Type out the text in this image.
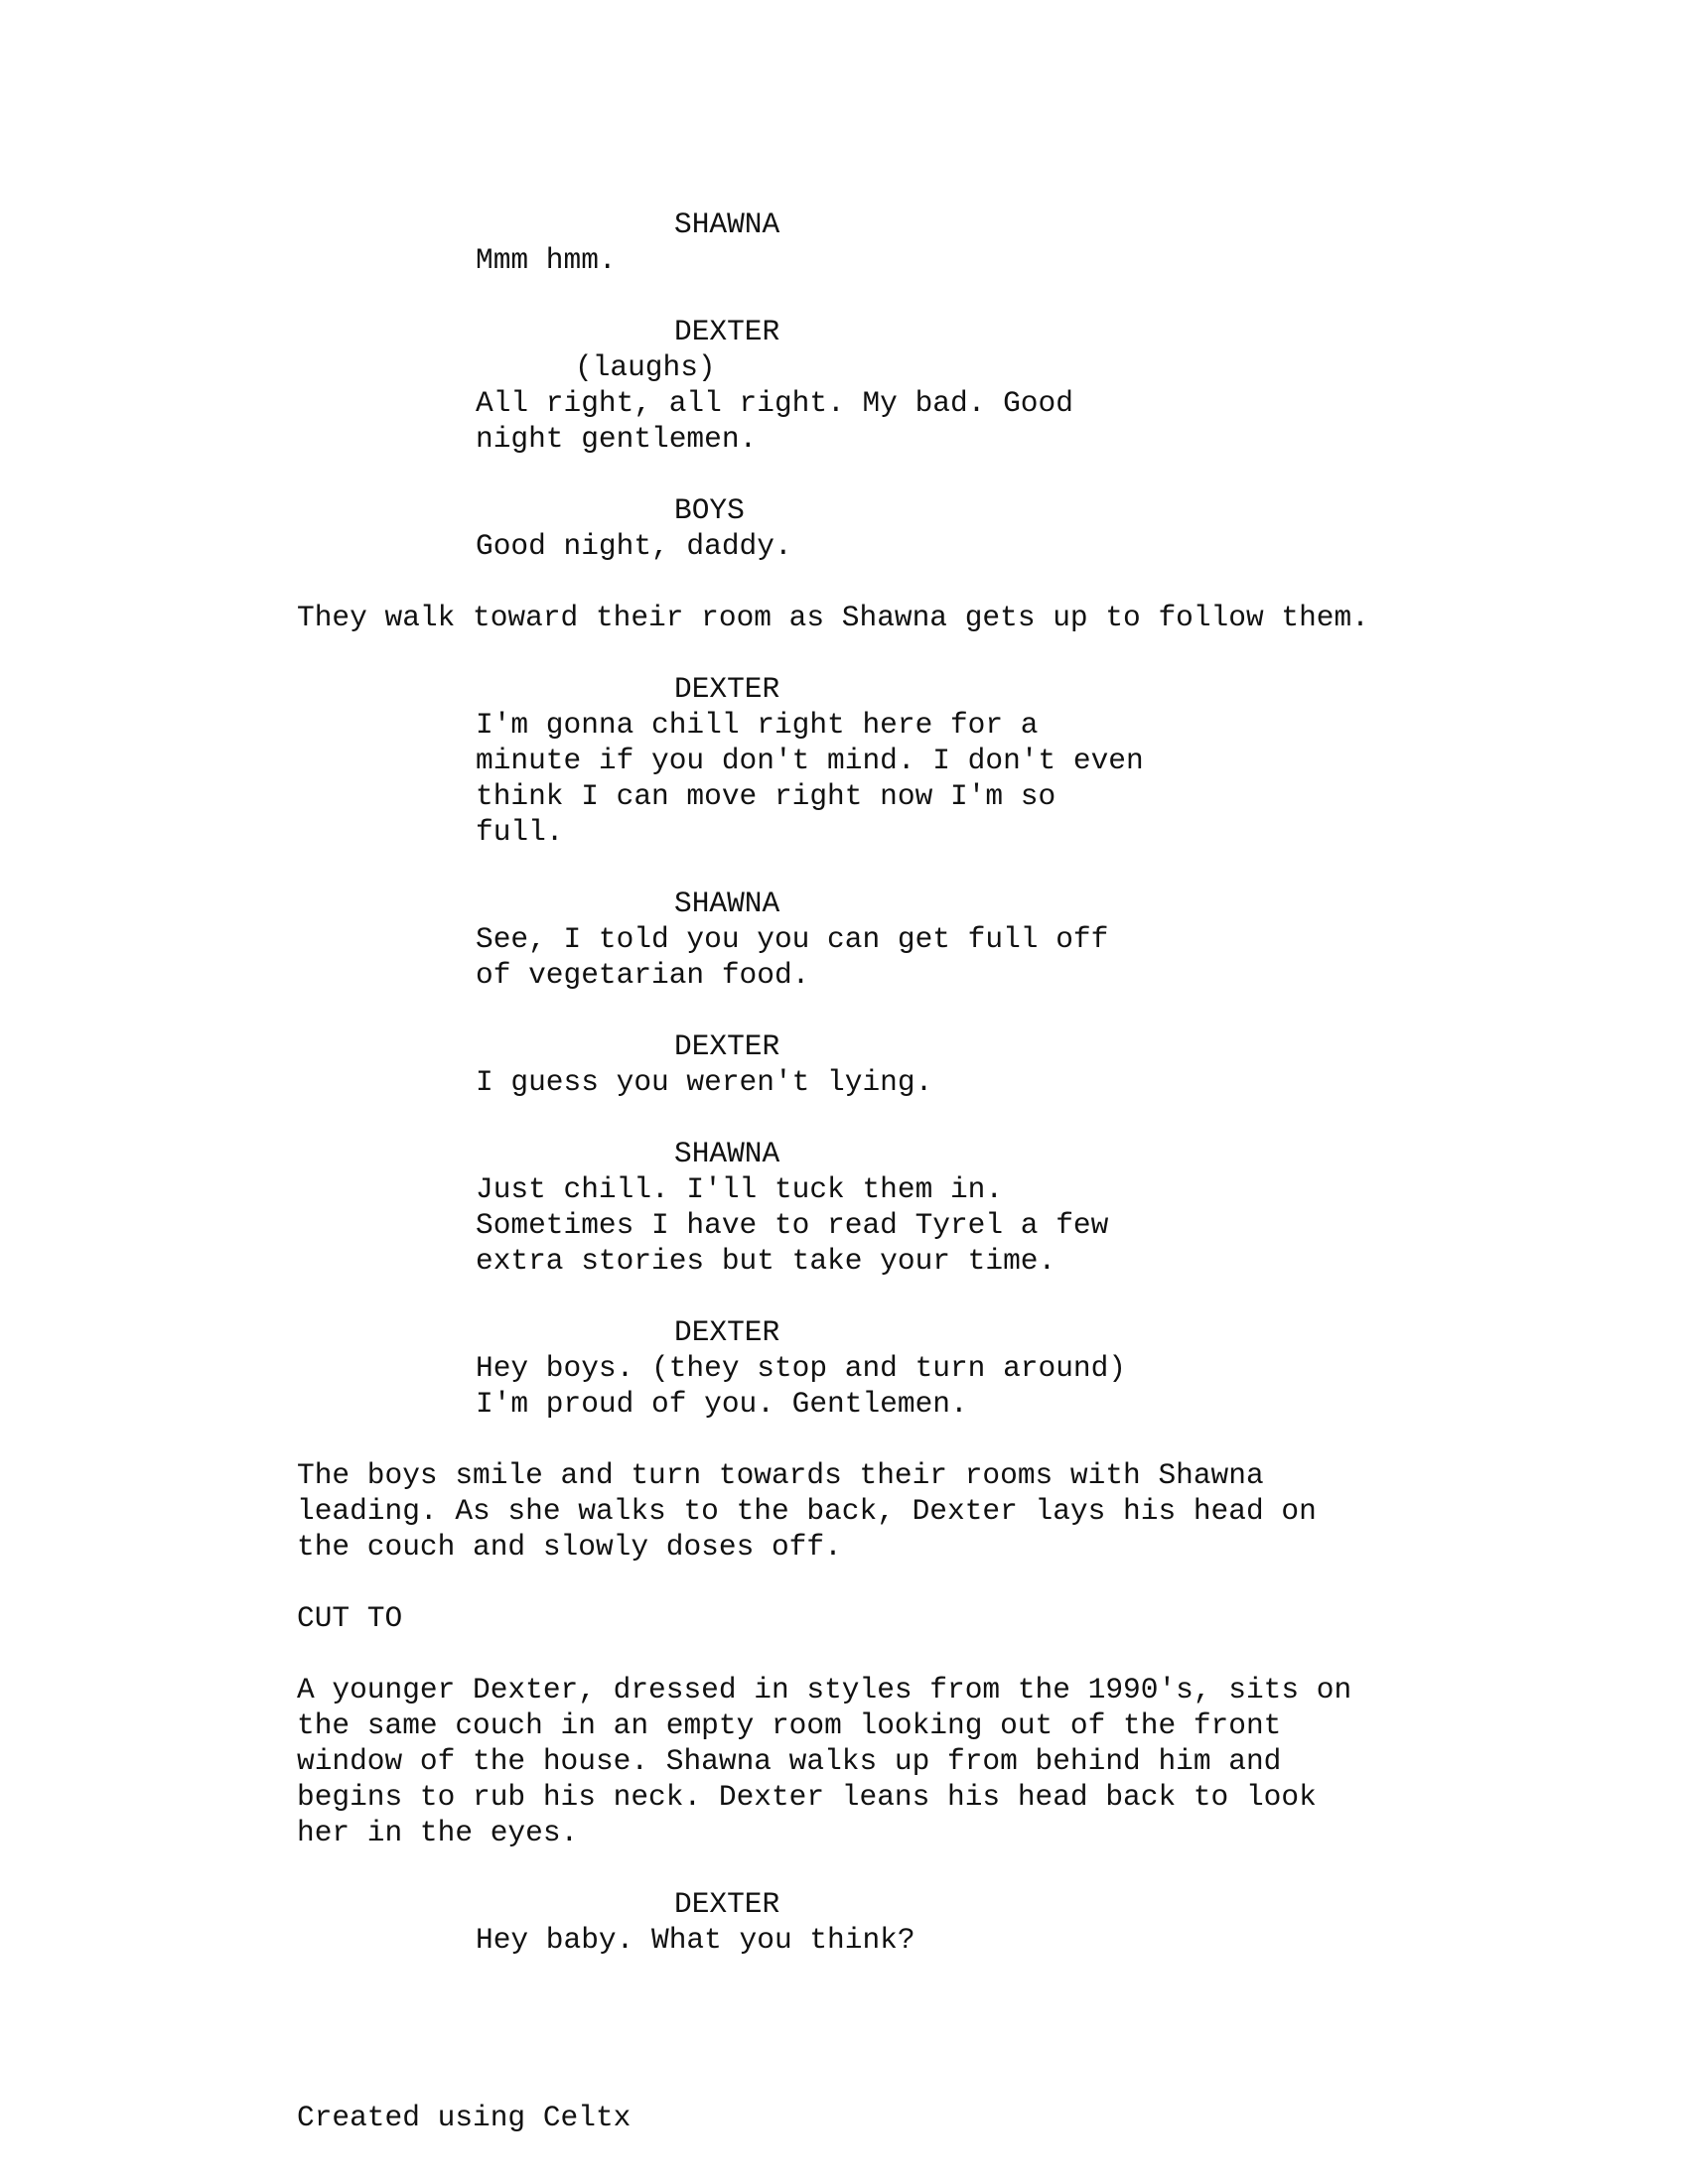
SHAWNA

Mmm hmm.

DEXTER

(laughs)

All right, all right. My bad. Good
night gentlemen.

BOYS

Good night, daddy.

They walk toward their room as Shawna gets up to follow them.

DEXTER

I'm gonna chill right here for a
minute if you don't mind. I don't even
think I can move right now I'm so
full.

SHAWNA

See, I told you you can get full off
of vegetarian food.

DEXTER

I guess you weren't lying.

SHAWNA

Just chill. I'll tuck them in.
Sometimes I have to read Tyrel a few
extra stories but take your time.

DEXTER

Hey boys. (they stop and turn around)
I'm proud of you. Gentlemen.

The boys smile and turn towards their rooms with Shawna
leading. As she walks to the back, Dexter lays his head on
the couch and slowly doses off.

CUT TO

A younger Dexter, dressed in styles from the 1990's, sits on
the same couch in an empty room looking out of the front
window of the house. Shawna walks up from behind him and
begins to rub his neck. Dexter leans his head back to look
her in the eyes.

DEXTER

Hey baby. What you think?

Created using Celtx
